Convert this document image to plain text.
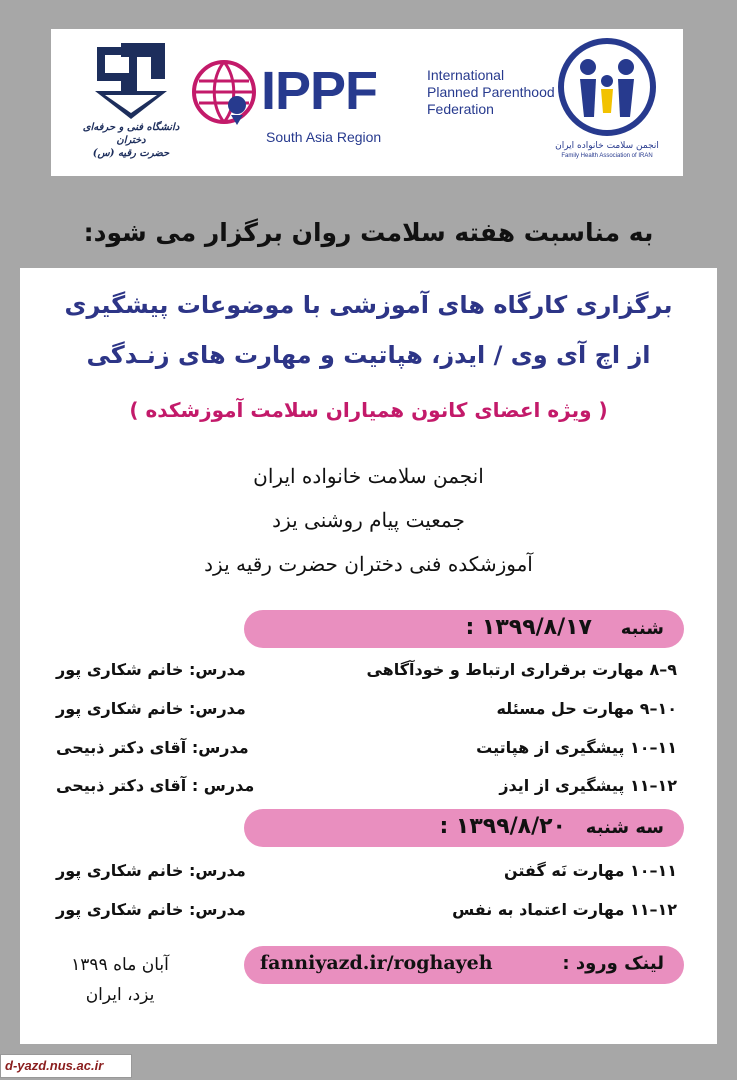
دانشگاه فنی و حرفه‌ای دختران
حضرت رقیه (س)
IPPF
South Asia Region
International
Planned Parenthood
Federation
انجمن سلامت خانواده ایران
Family Health Association of IRAN
به مناسبت هفته سلامت روان برگزار می شود:
برگزاری کارگاه های آموزشی با موضوعات پیشگیری
از اچ آی وی / ایدز، هپاتیت و مهارت های زنـدگی
( ویژه اعضای کانون همیاران سلامت آموزشکده )
انجمن سلامت خانواده ایران
جمعیت پیام روشنی یزد
آموزشکده فنی دختران حضرت رقیه یزد
شنبه
۱۳۹۹/۸/۱۷ :
۹–۸ مهارت برقراری ارتباط و خودآگاهی
مدرس: خانم شکاری پور
۱۰–۹ مهارت حل مسئله
مدرس: خانم شکاری پور
۱۱–۱۰ پیشگیری از هپاتیت
مدرس: آقای دکتر ذبیحی
۱۲–۱۱ پیشگیری از ایدز
مدرس : آقای دکتر ذبیحی
سه شنبه
۱۳۹۹/۸/۲۰ :
۱۱–۱۰ مهارت نَه گفتن
مدرس: خانم شکاری پور
۱۲–۱۱ مهارت اعتماد به نفس
مدرس: خانم شکاری پور
آبان ماه ۱۳۹۹
یزد، ایران
لینک ورود :
fanniyazd.ir/roghayeh
d-yazd.nus.ac.ir
